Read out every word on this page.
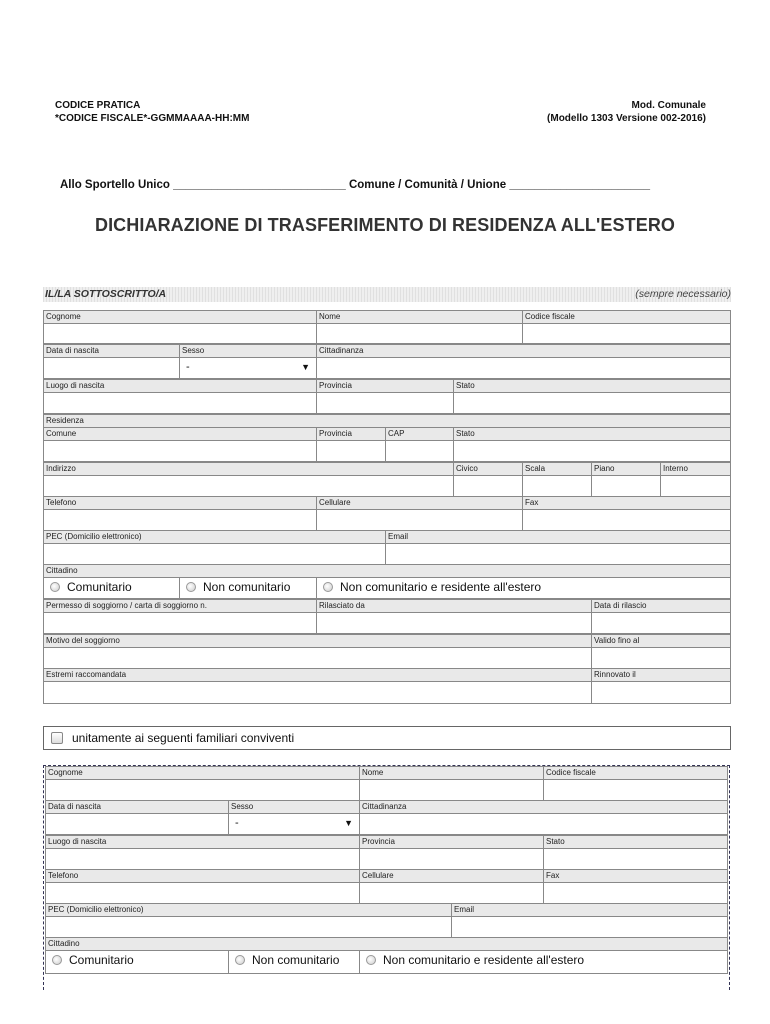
CODICE PRATICA
*CODICE FISCALE*-GGMMAAAA-HH:MM
Mod. Comunale
(Modello 1303 Versione 002-2016)
Allo Sportello Unico ___________________________ Comune / Comunità / Unione ______________________
DICHIARAZIONE DI TRASFERIMENTO DI RESIDENZA ALL'ESTERO
IL/LA SOTTOSCRITTO/A	(sempre necessario)
Cognome	Nome	Codice fiscale
Data di nascita	Sesso	Cittadinanza
-	▼
Luogo di nascita	Provincia	Stato
Residenza
Comune	Provincia	CAP	Stato
Indirizzo	Civico	Scala	Piano	Interno
Telefono	Cellulare	Fax
PEC (Domicilio elettronico)	Email
Cittadino
Comunitario	Non comunitario	Non comunitario e residente all'estero
Permesso di soggiorno / carta di soggiorno n.	Rilasciato da	Data di rilascio
Motivo del soggiorno	Valido fino al
Estremi raccomandata	Rinnovato il
unitamente ai seguenti familiari conviventi
Cognome	Nome	Codice fiscale
Data di nascita	Sesso	Cittadinanza
-	▼
Luogo di nascita	Provincia	Stato
Telefono	Cellulare	Fax
PEC (Domicilio elettronico)	Email
Cittadino
Comunitario	Non comunitario	Non comunitario e residente all'estero
